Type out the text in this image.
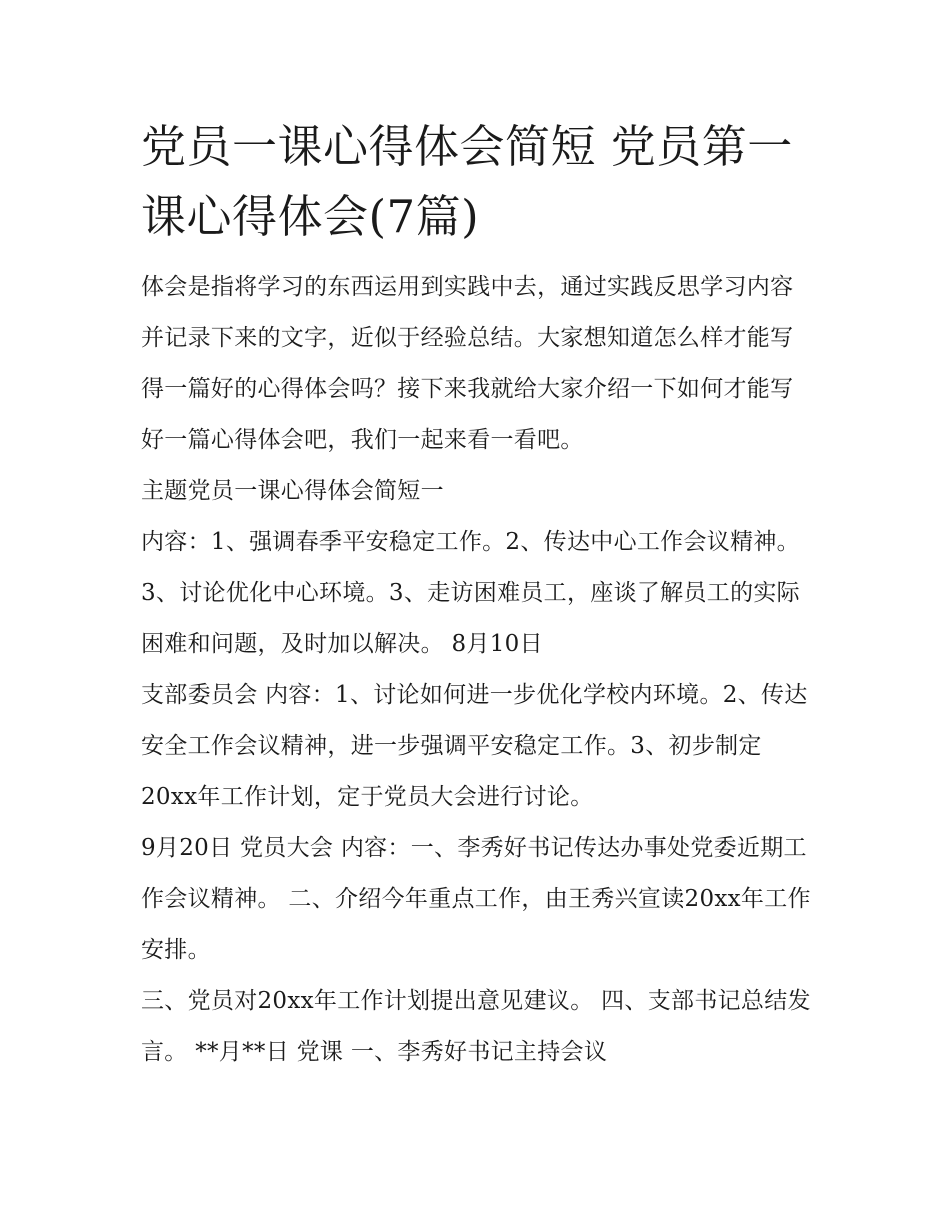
党员一课心得体会简短 党员第一课心得体会(7篇)

体会是指将学习的东西运用到实践中去，通过实践反思学习内容并记录下来的文字，近似于经验总结。大家想知道怎么样才能写得一篇好的心得体会吗？接下来我就给大家介绍一下如何才能写好一篇心得体会吧，我们一起来看一看吧。

主题党员一课心得体会简短一

内容：1、强调春季平安稳定工作。2、传达中心工作会议精神。3、讨论优化中心环境。3、走访困难员工，座谈了解员工的实际困难和问题，及时加以解决。 8月10日

支部委员会 内容：1、讨论如何进一步优化学校内环境。2、传达安全工作会议精神，进一步强调平安稳定工作。3、初步制定20xx年工作计划，定于党员大会进行讨论。

9月20日 党员大会 内容：一、李秀好书记传达办事处党委近期工作会议精神。 二、介绍今年重点工作，由王秀兴宣读20xx年工作安排。

三、党员对20xx年工作计划提出意见建议。 四、支部书记总结发言。 **月**日 党课 一、李秀好书记主持会议
